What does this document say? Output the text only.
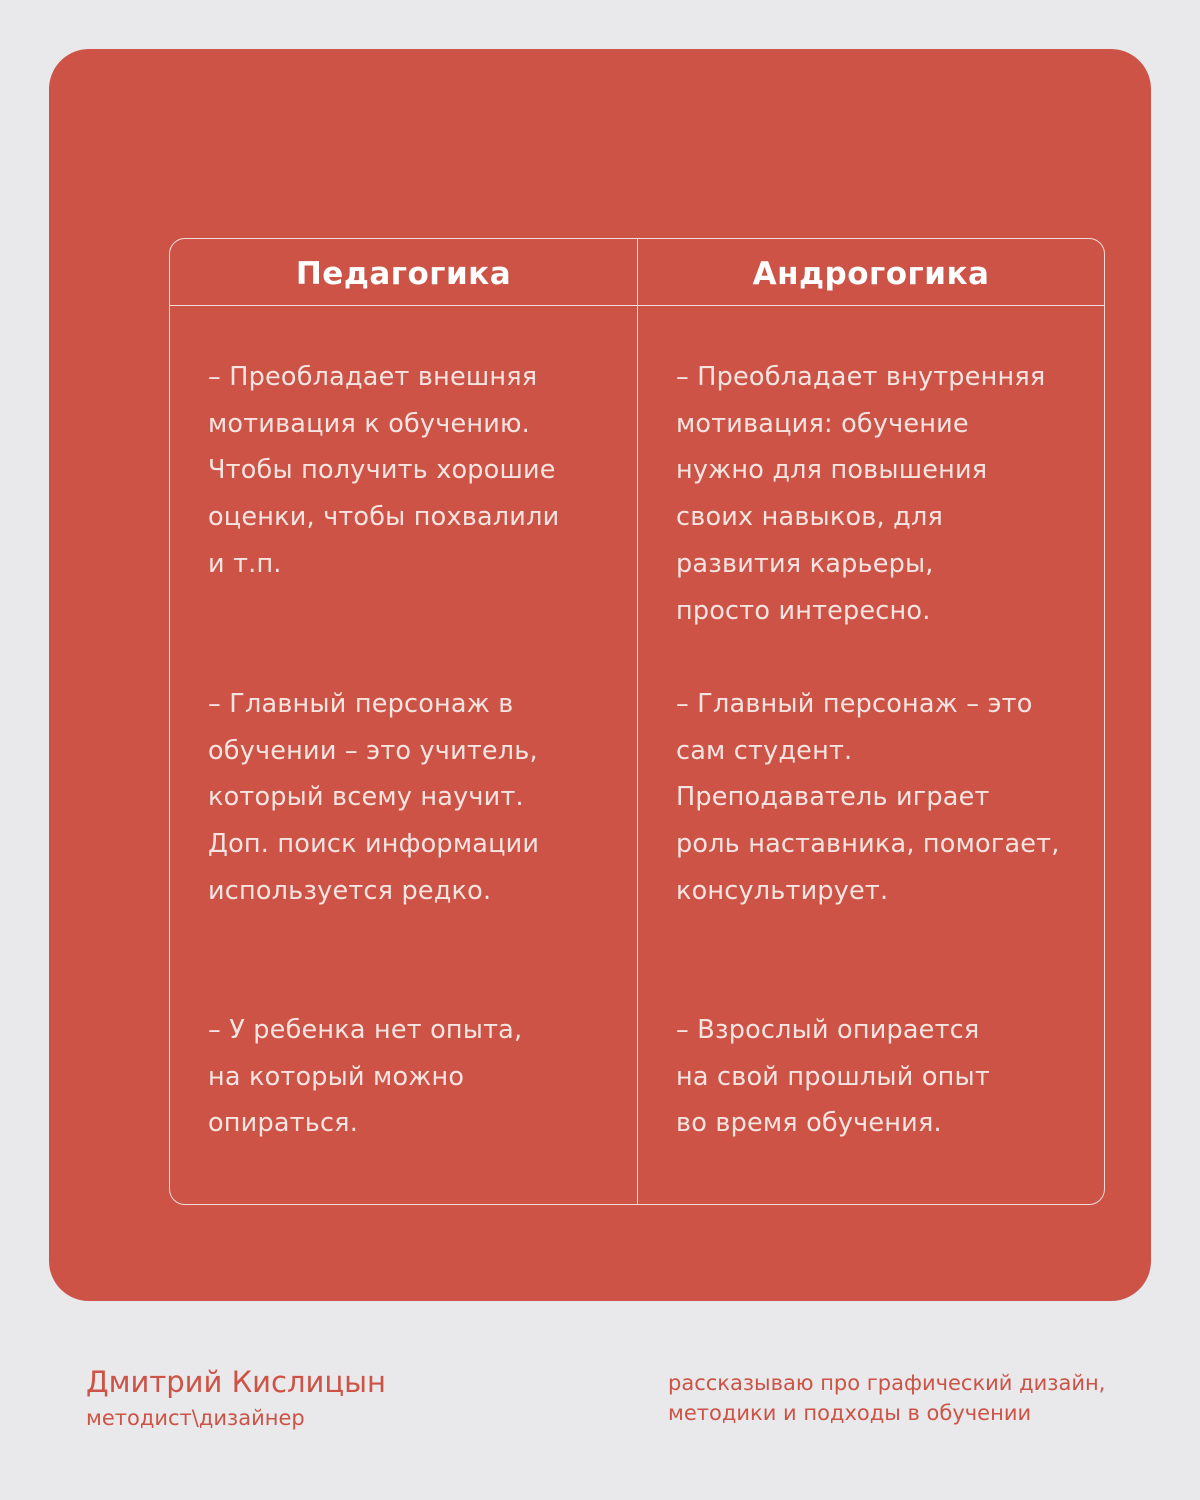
Педагогика	Андрогогика
– Преобладает внешняя
мотивация к обучению.
Чтобы получить хорошие
оценки, чтобы похвалили
и т.п.
– Главный персонаж в
обучении – это учитель,
который всему научит.
Доп. поиск информации
используется редко.
– У ребенка нет опыта,
на который можно
опираться.
– Преобладает внутренняя
мотивация: обучение
нужно для повышения
своих навыков, для
развития карьеры,
просто интересно.
– Главный персонаж – это
сам студент.
Преподаватель играет
роль наставника, помогает,
консультирует.
– Взрослый опирается
на свой прошлый опыт
во время обучения.
Дмитрий Кислицын
методист\дизайнер
рассказываю про графический дизайн,
методики и подходы в обучении
